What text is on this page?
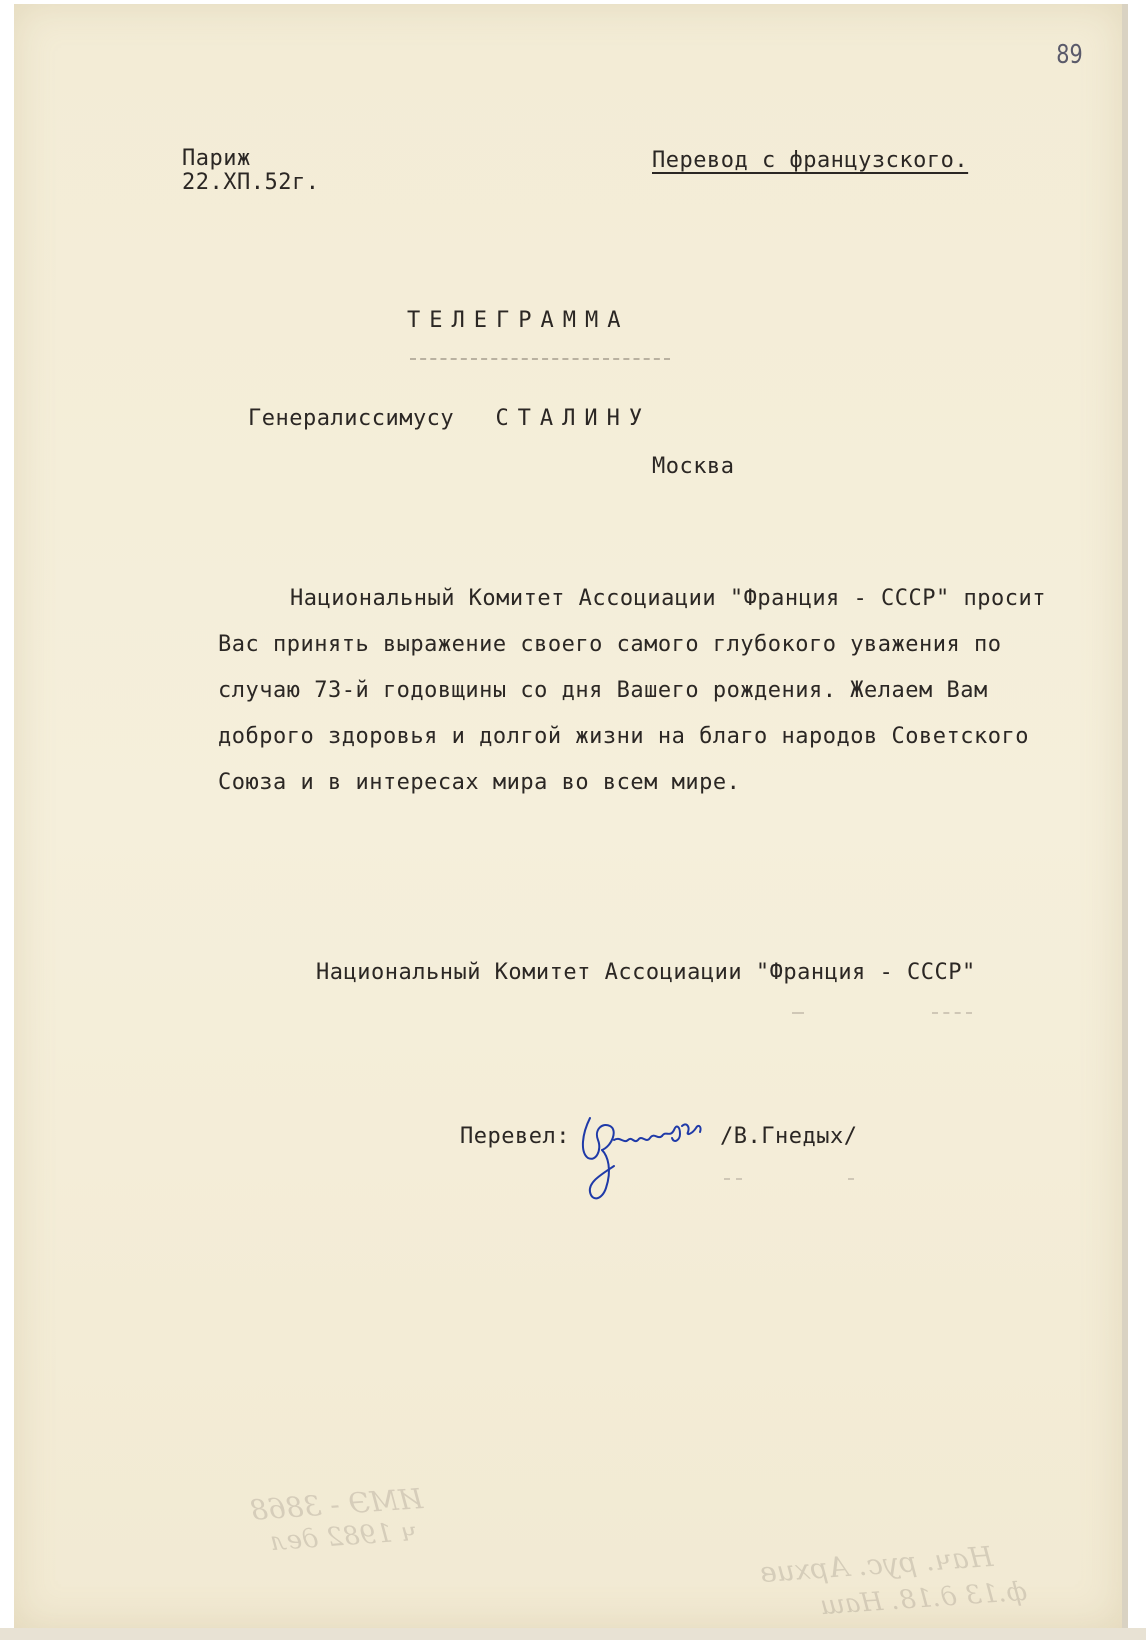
89
Париж
22.XП.52г.
Перевод с французского.
ТЕЛЕГРАММА
Генералиссимусу СТАЛИНУ
Москва
Национальный Комитет Ассоциации "Франция - СССР" просит
Вас принять выражение своего самого глубокого уважения по
случаю 73-й годовщины со дня Вашего рождения. Желаем Вам
доброго здоровья и долгой жизни на благо народов Советского
Союза и в интересах мира во всем мире.
Национальный Комитет Ассоциации "Франция - СССР"
Перевел:	/В.Гнедых/
ИМЭ - 3868
ч 1982 дел
Нач. рус. Архив
ф.13 д.18. Наш
